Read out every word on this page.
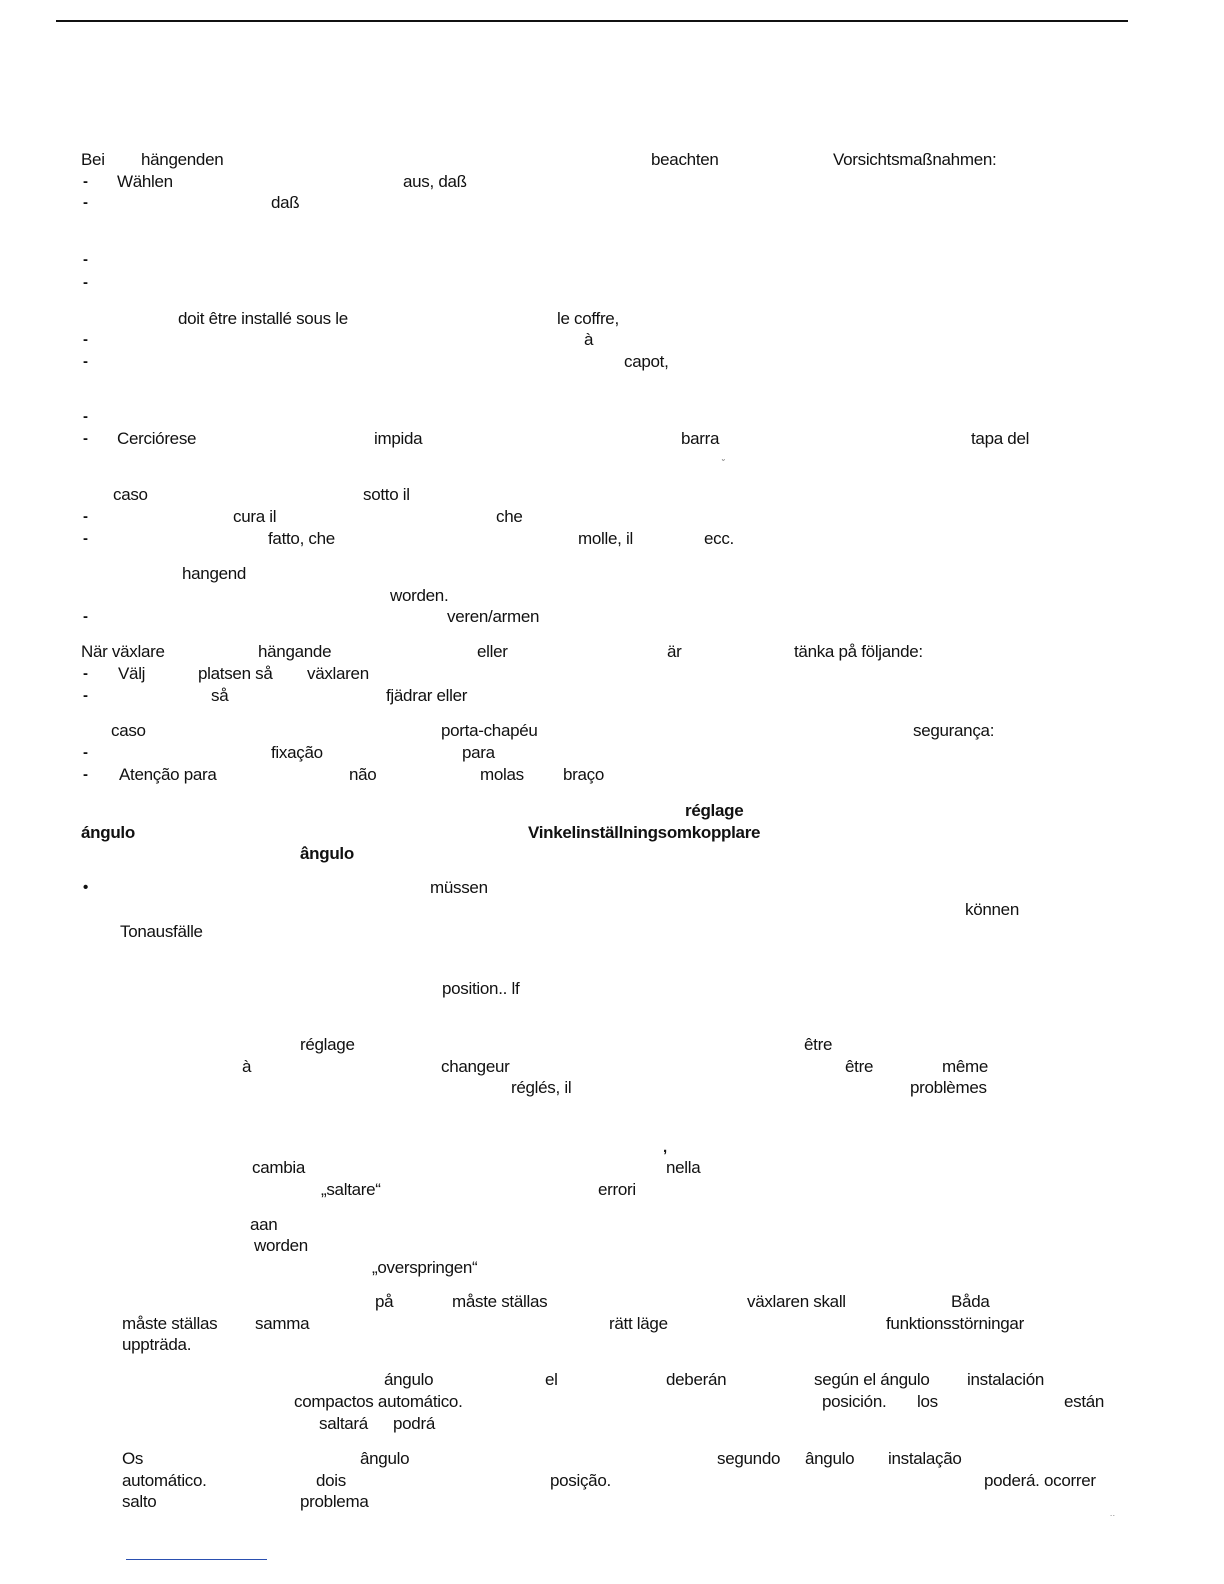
Bei hängenden	beachten	Vorsichtsmaßnahmen:
- Wählen	aus, daß
-	daß
-
-
doit être installé sous le	le coffre,
-	à
-	capot,
-
- Cerciórese	impida	barra	tapa del
˘
caso	sotto il
-	cura il	che
-	fatto, che	molle, il	ecc.
hangend
worden.
-	veren/armen
När växlare	hängande	eller	är	tänka på följande:
- Välj	platsen så växlaren
-	så	fjädrar eller
caso	porta-chapéu	segurança:
-	fixação	para
- Atenção para	não	molas braço
réglage
ángulo	Vinkelinställningsomkopplare
ângulo
•	müssen
können
Tonausfälle
position.. lf
réglage	être
à	changeur	être	même
réglés, il	problèmes
,
cambia	nella
„saltare“	errori
aan
worden
„overspringen“
på	måste ställas	växlaren skall	Båda
måste ställas samma	rätt läge	funktionsstörningar
uppträda.
ángulo	el	deberán	según el ángulo instalación
compactos automático.	posición. los	están
saltará podrá
Os	ângulo	segundo ângulo instalação
automático.	dois	posição.	poderá. ocorrer
salto	problema
˙˙
